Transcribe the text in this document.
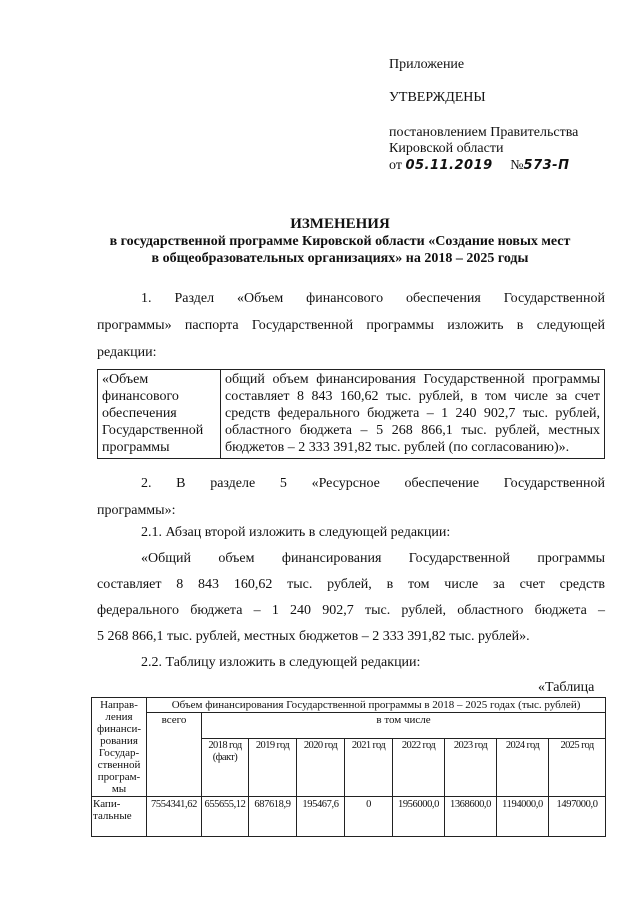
Приложение
УТВЕРЖДЕНЫ
постановлением Правительства
Кировской области
от 05.11.2019 №573-П
ИЗМЕНЕНИЯ
в государственной программе Кировской области «Создание новых мест
в общеобразовательных организациях» на 2018 – 2025 годы
1. Раздел «Объем финансового обеспечения Государственной
программы» паспорта Государственной программы изложить в следующей
редакции:
«Объем финансового обеспечения Государственной программы	общий объем финансирования Государственной программы составляет 8 843 160,62 тыс. рублей, в том числе за счет средств федерального бюджета – 1 240 902,7 тыс. рублей, областного бюджета – 5 268 866,1 тыс. рублей, местных бюджетов – 2 333 391,82 тыс. рублей (по согласованию)».
2. В разделе 5 «Ресурсное обеспечение Государственной
программы»:
2.1. Абзац второй изложить в следующей редакции:
«Общий объем финансирования Государственной программы
составляет 8 843 160,62 тыс. рублей, в том числе за счет средств
федерального бюджета – 1 240 902,7 тыс. рублей, областного бюджета –
5 268 866,1 тыс. рублей, местных бюджетов – 2 333 391,82 тыс. рублей».
2.2. Таблицу изложить в следующей редакции:
«Таблица
Направ-ления финанси-рования Государ-ственной програм-мы	Объем финансирования Государственной программы в 2018 – 2025 годах (тыс. рублей)								
	всего	в том числе							
		2018 год (факт)	2019 год	2020 год	2021 год	2022 год	2023 год	2024 год	2025 год
Капи-тальные	7554341,62	655655,12	687618,9	195467,6	0	1956000,0	1368600,0	1194000,0	1497000,0
